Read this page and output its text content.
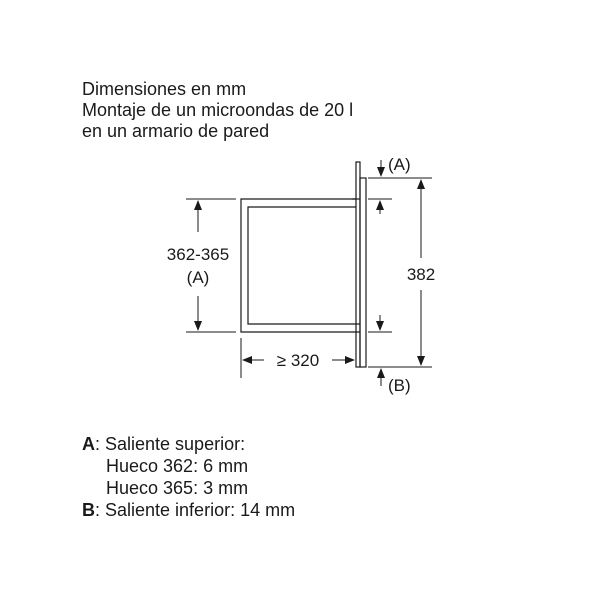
Dimensiones en mm
Montaje de un microondas de 20 l
en un armario de pared
362-365
(A)	382
(A)
(B)
≥ 320
A: Saliente superior:
Hueco 362: 6 mm
Hueco 365: 3 mm
B: Saliente inferior: 14 mm
